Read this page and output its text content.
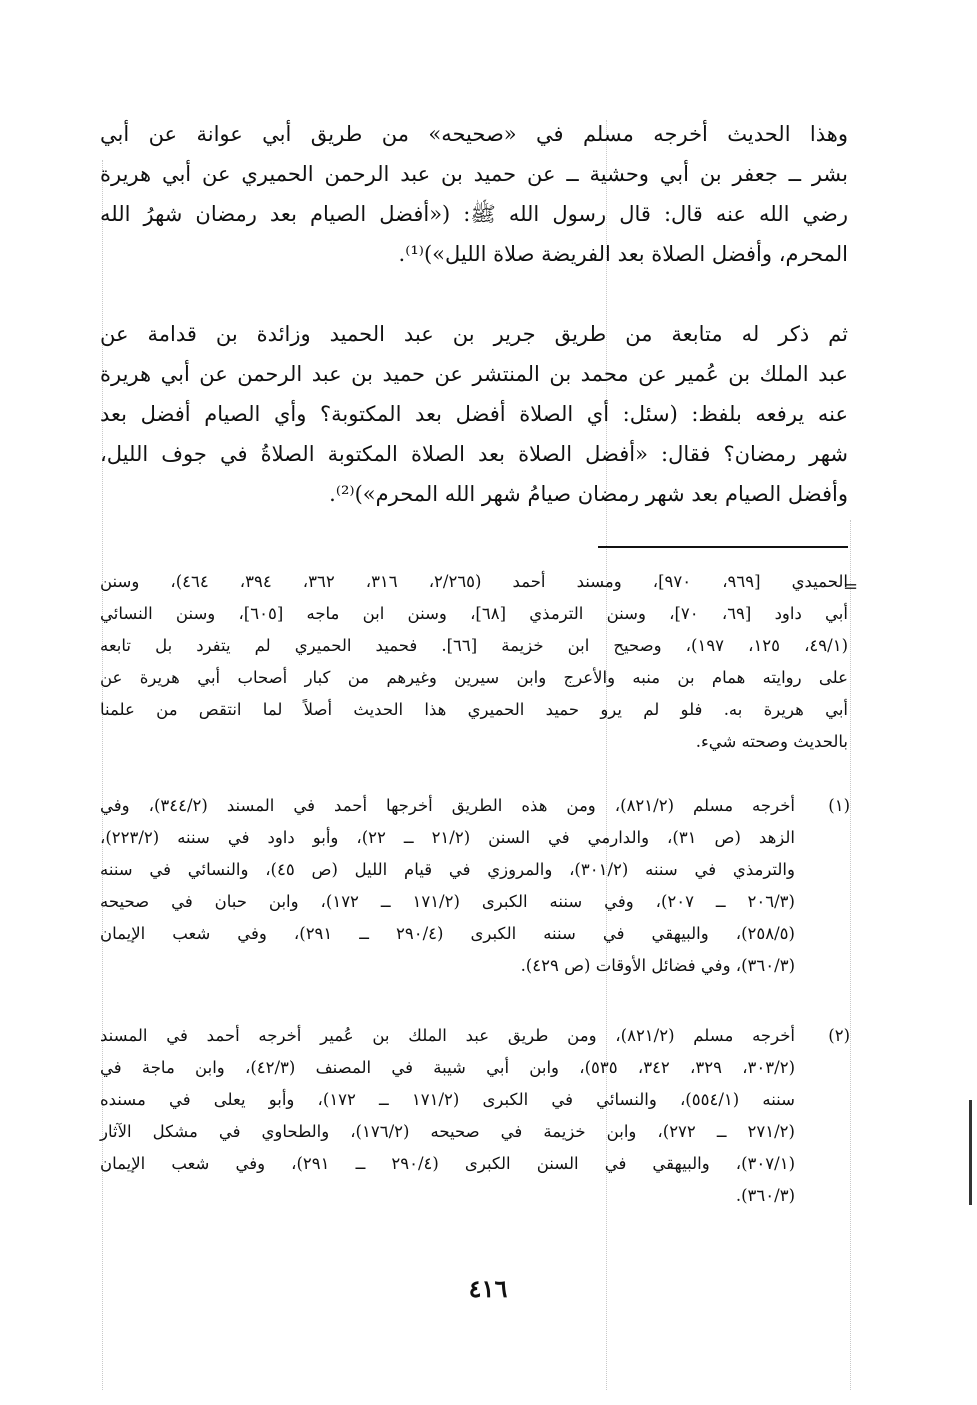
وهذا الحديث أخرجه مسلم في «صحيحه» من طريق أبي عوانة عن أبي
بشر ــ جعفر بن أبي وحشية ــ عن حميد بن عبد الرحمن الحميري عن أبي هريرة
رضي الله عنه قال: قال رسول الله ﷺ: («أفضل الصيام بعد رمضان شهرُ الله
المحرم، وأفضل الصلاة بعد الفريضة صلاة الليل»)⁽¹⁾.
ثم ذكر له متابعة من طريق جرير بن عبد الحميد وزائدة بن قدامة عن
عبد الملك بن عُمير عن محمد بن المنتشر عن حميد بن عبد الرحمن عن أبي هريرة
عنه يرفعه بلفظ: (سئل: أي الصلاة أفضل بعد المكتوبة؟ وأي الصيام أفضل بعد
شهر رمضان؟ فقال: «أفضل الصلاة بعد الصلاة المكتوبة الصلاةُ في جوف الليل،
وأفضل الصيام بعد شهر رمضان صيامُ شهر الله المحرم»)⁽²⁾.
=
الحميدي [٩٦٩، ٩٧٠]، ومسند أحمد (٢/٢٦٥، ٣١٦، ٣٦٢، ٣٩٤، ٤٦٤)، وسنن
أبي داود [٦٩، ٧٠]، وسنن الترمذي [٦٨]، وسنن ابن ماجه [٦٠٥]، وسنن النسائي
(٤٩/١، ١٢٥، ١٩٧)، وصحيح ابن خزيمة [٦٦]. فحميد الحميري لم يتفرد بل تابعه
على روايته همام بن منبه والأعرج وابن سيرين وغيرهم من كبار أصحاب أبي هريرة عن
أبي هريرة به. فلو لم يرو حميد الحميري هذا الحديث أصلاً لما انتقص من علمنا
بالحديث وصحته شيء.
(١)
أخرجه مسلم (٨٢١/٢)، ومن هذه الطريق أخرجها أحمد في المسند (٣٤٤/٢)، وفي
الزهد (ص ٣١)، والدارمي في السنن (٢١/٢ ــ ٢٢)، وأبو داود في سننه (٢٢٣/٢)،
والترمذي في سننه (٣٠١/٢)، والمروزي في قيام الليل (ص ٤٥)، والنسائي في سننه
(٢٠٦/٣ ــ ٢٠٧)، وفي سننه الكبرى (١٧١/٢ ــ ١٧٢)، وابن حبان في صحيحه
(٢٥٨/٥)، والبيهقي في سننه الكبرى (٢٩٠/٤ ــ ٢٩١)، وفي شعب الإيمان
(٣٦٠/٣)، وفي فضائل الأوقات (ص ٤٢٩).
(٢)
أخرجه مسلم (٨٢١/٢)، ومن طريق عبد الملك بن عُمير أخرجه أحمد في المسند
(٣٠٣/٢، ٣٢٩، ٣٤٢، ٥٣٥)، وابن أبي شيبة في المصنف (٤٢/٣)، وابن ماجة في
سننه (٥٥٤/١)، والنسائي في الكبرى (١٧١/٢ ــ ١٧٢)، وأبو يعلى في مسنده
(٢٧١/٢ ــ ٢٧٢)، وابن خزيمة في صحيحه (١٧٦/٢)، والطحاوي في مشكل الآثار
(٣٠٧/١)، والبيهقي في السنن الكبرى (٢٩٠/٤ ــ ٢٩١)، وفي شعب الإيمان
(٣٦٠/٣).
٤١٦
